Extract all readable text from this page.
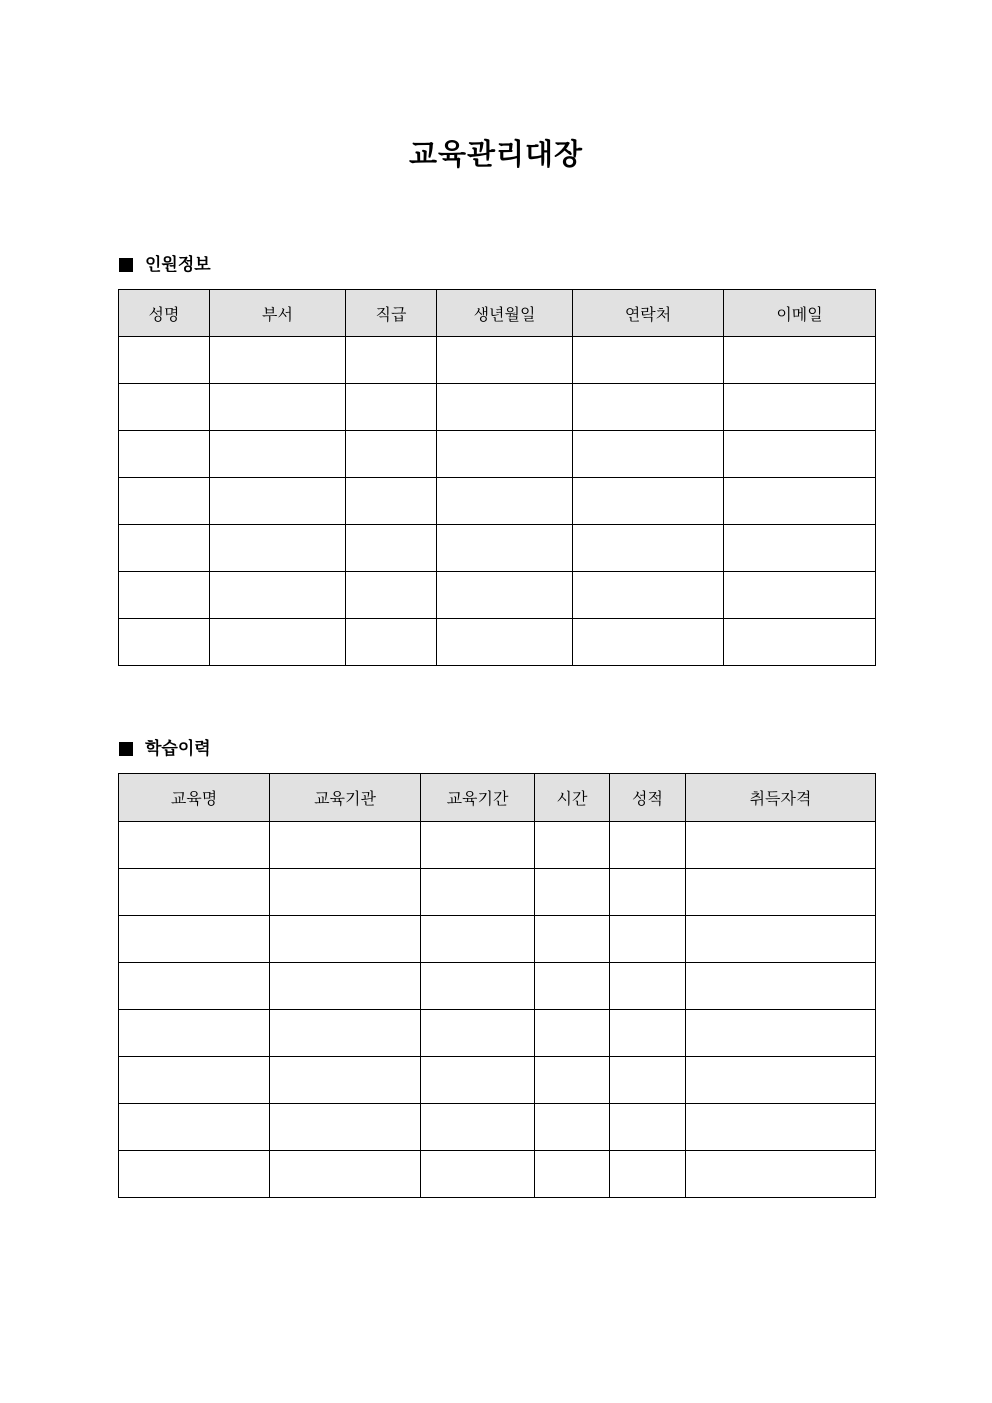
교육관리대장
인원정보
성명	부서	직급	생년월일	연락처	이메일

학습이력
교육명	교육기관	교육기간	시간	성적	취득자격
